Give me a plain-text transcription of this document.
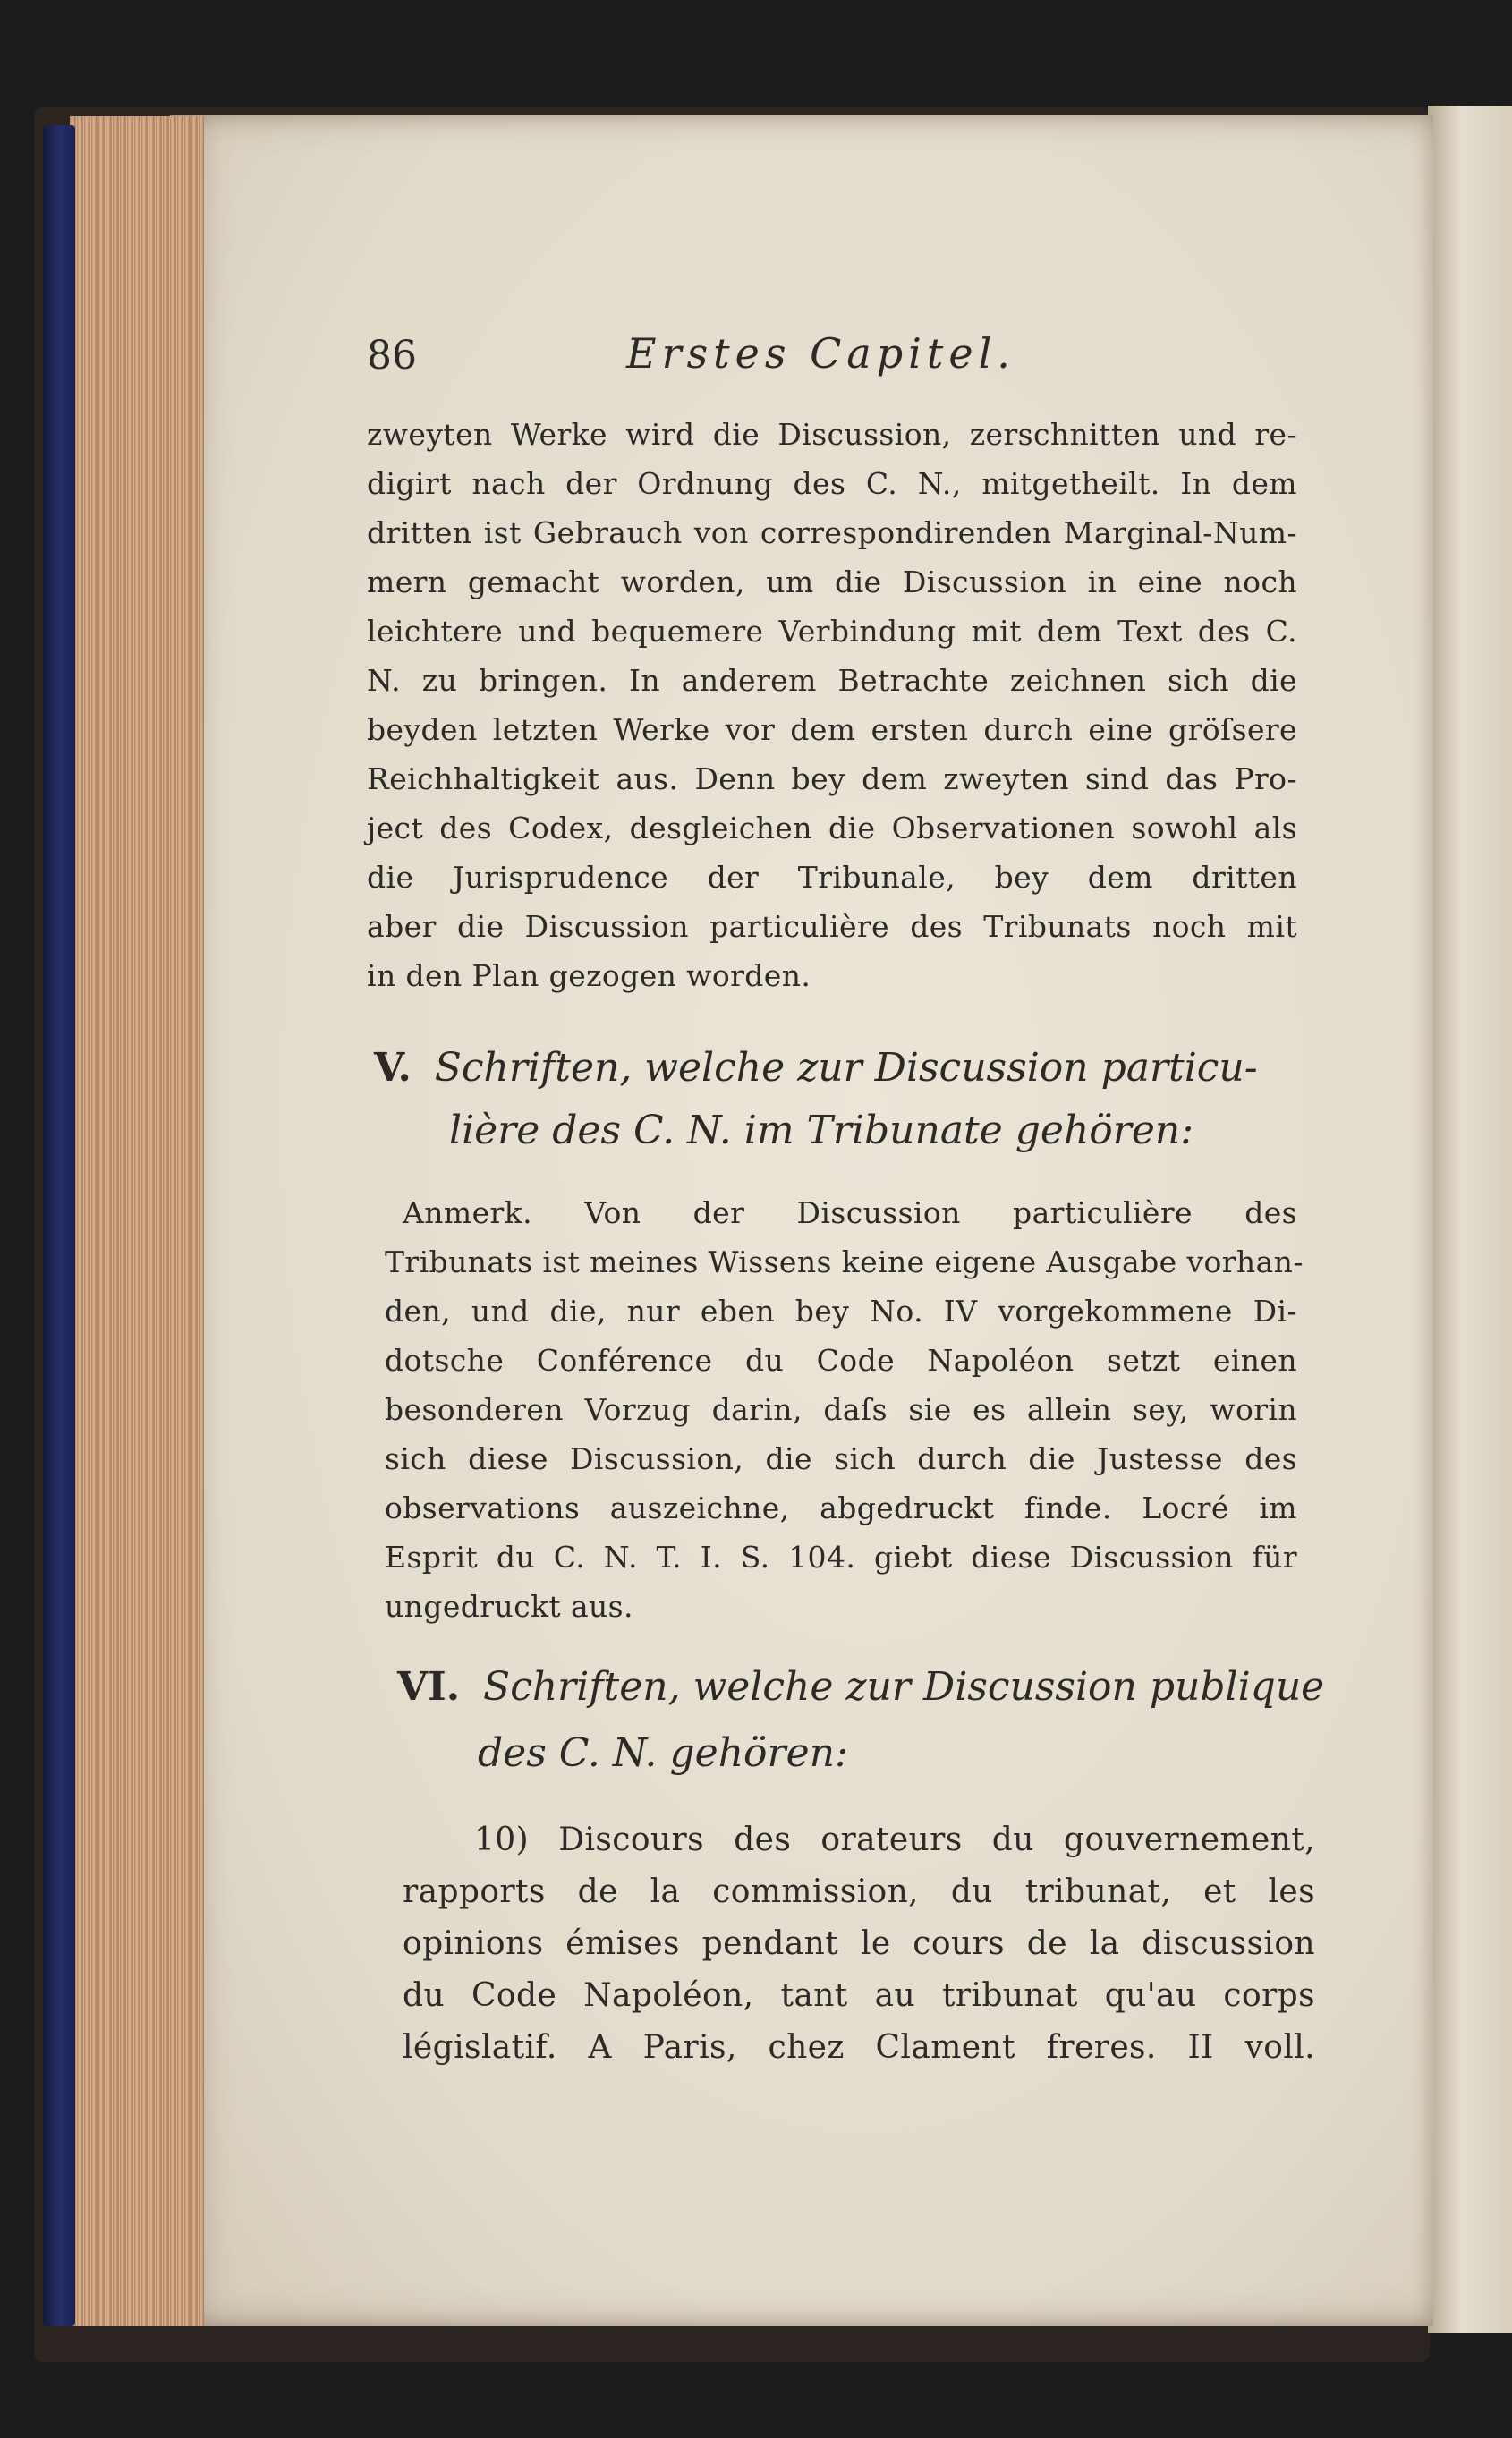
86	Erstes Capitel.
zweyten Werke wird die Discussion, zerschnitten und re-
digirt nach der Ordnung des C. N., mitgetheilt. In dem
dritten ist Gebrauch von correspondirenden Marginal-Num-
mern gemacht worden, um die Discussion in eine noch
leichtere und bequemere Verbindung mit dem Text des C.
N. zu bringen. In anderem Betrachte zeichnen sich die
beyden letzten Werke vor dem ersten durch eine gröſsere
Reichhaltigkeit aus. Denn bey dem zweyten sind das Pro-
ject des Codex, desgleichen die Observationen sowohl als
die Jurisprudence der Tribunale, bey dem dritten
aber die Discussion particulière des Tribunats noch mit
in den Plan gezogen worden.
V. Schriften, welche zur Discussion particu-
lière des C. N. im Tribunate gehören:
Anmerk. Von der Discussion particulière des
Tribunats ist meines Wissens keine eigene Ausgabe vorhan-
den, und die, nur eben bey No. IV vorgekommene Di-
dotsche Conférence du Code Napoléon setzt einen
besonderen Vorzug darin, daſs sie es allein sey, worin
sich diese Discussion, die sich durch die Justesse des
observations auszeichne, abgedruckt finde. Locré im
Esprit du C. N. T. I. S. 104. giebt diese Discussion für
ungedruckt aus.
VI. Schriften, welche zur Discussion publique
des C. N. gehören:
10) Discours des orateurs du gouvernement,
rapports de la commission, du tribunat, et les
opinions émises pendant le cours de la discussion
du Code Napoléon, tant au tribunat qu'au corps
législatif. A Paris, chez Clament freres. II voll.
